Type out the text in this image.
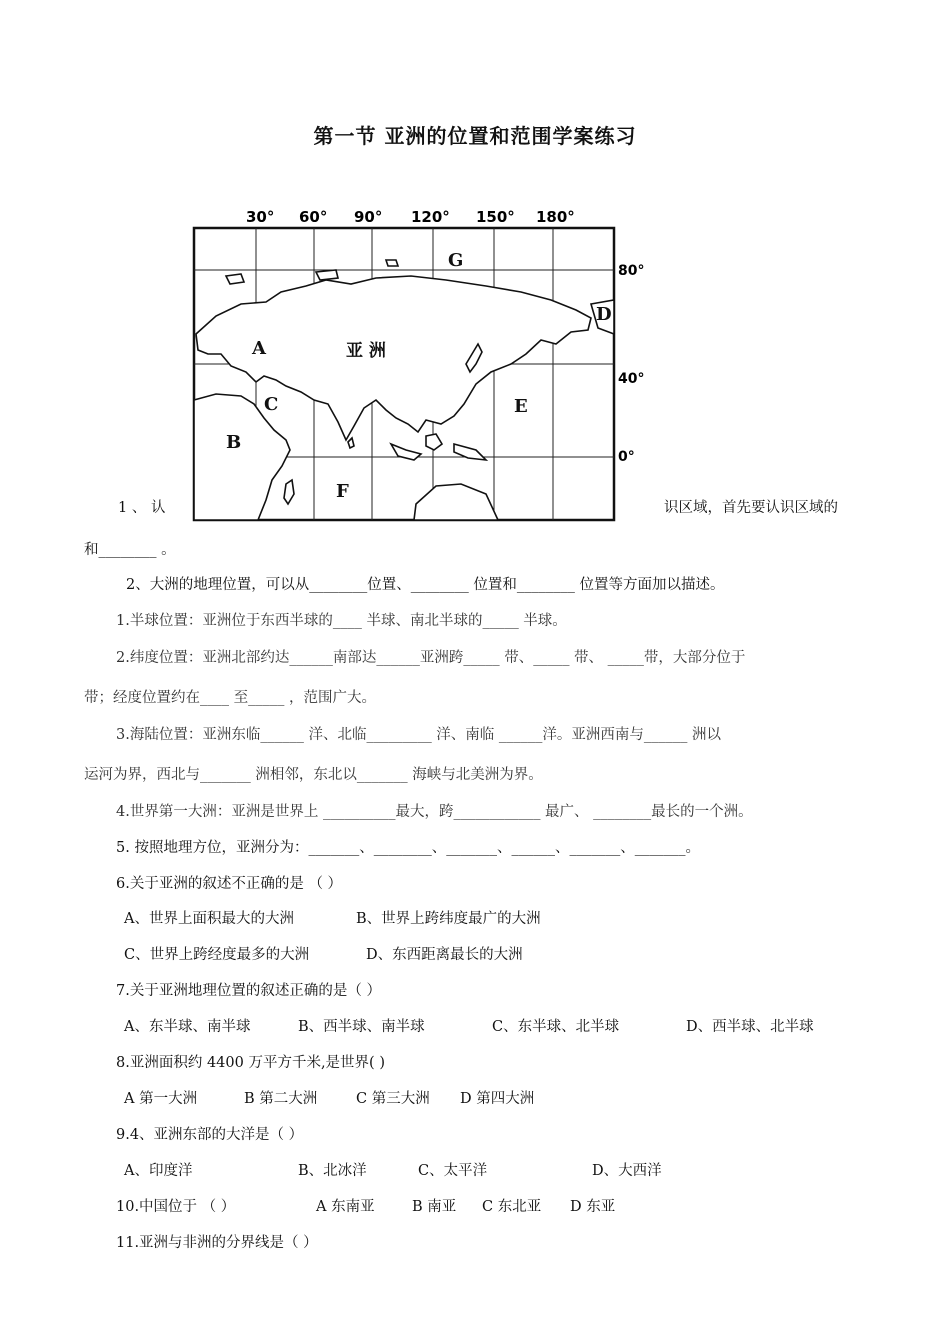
第一节 亚洲的位置和范围学案练习
30° 60° 90° 120° 150° 180°
80°
40°
0°
G
D
A	亚 洲
C	E
B
F
1 、 认	识区域，首先要认识区域的
和________ 。
2、大洲的地理位置，可以从________位置、________ 位置和________ 位置等方面加以描述。
1.半球位置：亚洲位于东西半球的____ 半球、南北半球的_____ 半球。
2.纬度位置：亚洲北部约达______南部达______亚洲跨_____ 带、_____ 带、 _____带，大部分位于
带；经度位置约在____ 至_____ ，范围广大。
3.海陆位置：亚洲东临______ 洋、北临_________ 洋、南临 ______洋。亚洲西南与______ 洲以
运河为界，西北与_______ 洲相邻，东北以_______ 海峡与北美洲为界。
4.世界第一大洲：亚洲是世界上 __________最大，跨____________ 最广、 ________最长的一个洲。
5. 按照地理方位，亚洲分为：_______、________、_______、______、_______、_______。
6.关于亚洲的叙述不正确的是 （ ）
A、世界上面积最大的大洲	B、世界上跨纬度最广的大洲
C、世界上跨经度最多的大洲	D、东西距离最长的大洲
7.关于亚洲地理位置的叙述正确的是（ ）
A、东半球、南半球	B、西半球、南半球	C、东半球、北半球	D、西半球、北半球
8.亚洲面积约 4400 万平方千米,是世界( )
A 第一大洲	B 第二大洲	C 第三大洲 D 第四大洲
9.4、亚洲东部的大洋是（ ）
A、印度洋	B、北冰洋	C、太平洋	D、大西洋
10.中国位于 （ ）	A 东南亚	B 南亚 C 东北亚 D 东亚
11.亚洲与非洲的分界线是（ ）
